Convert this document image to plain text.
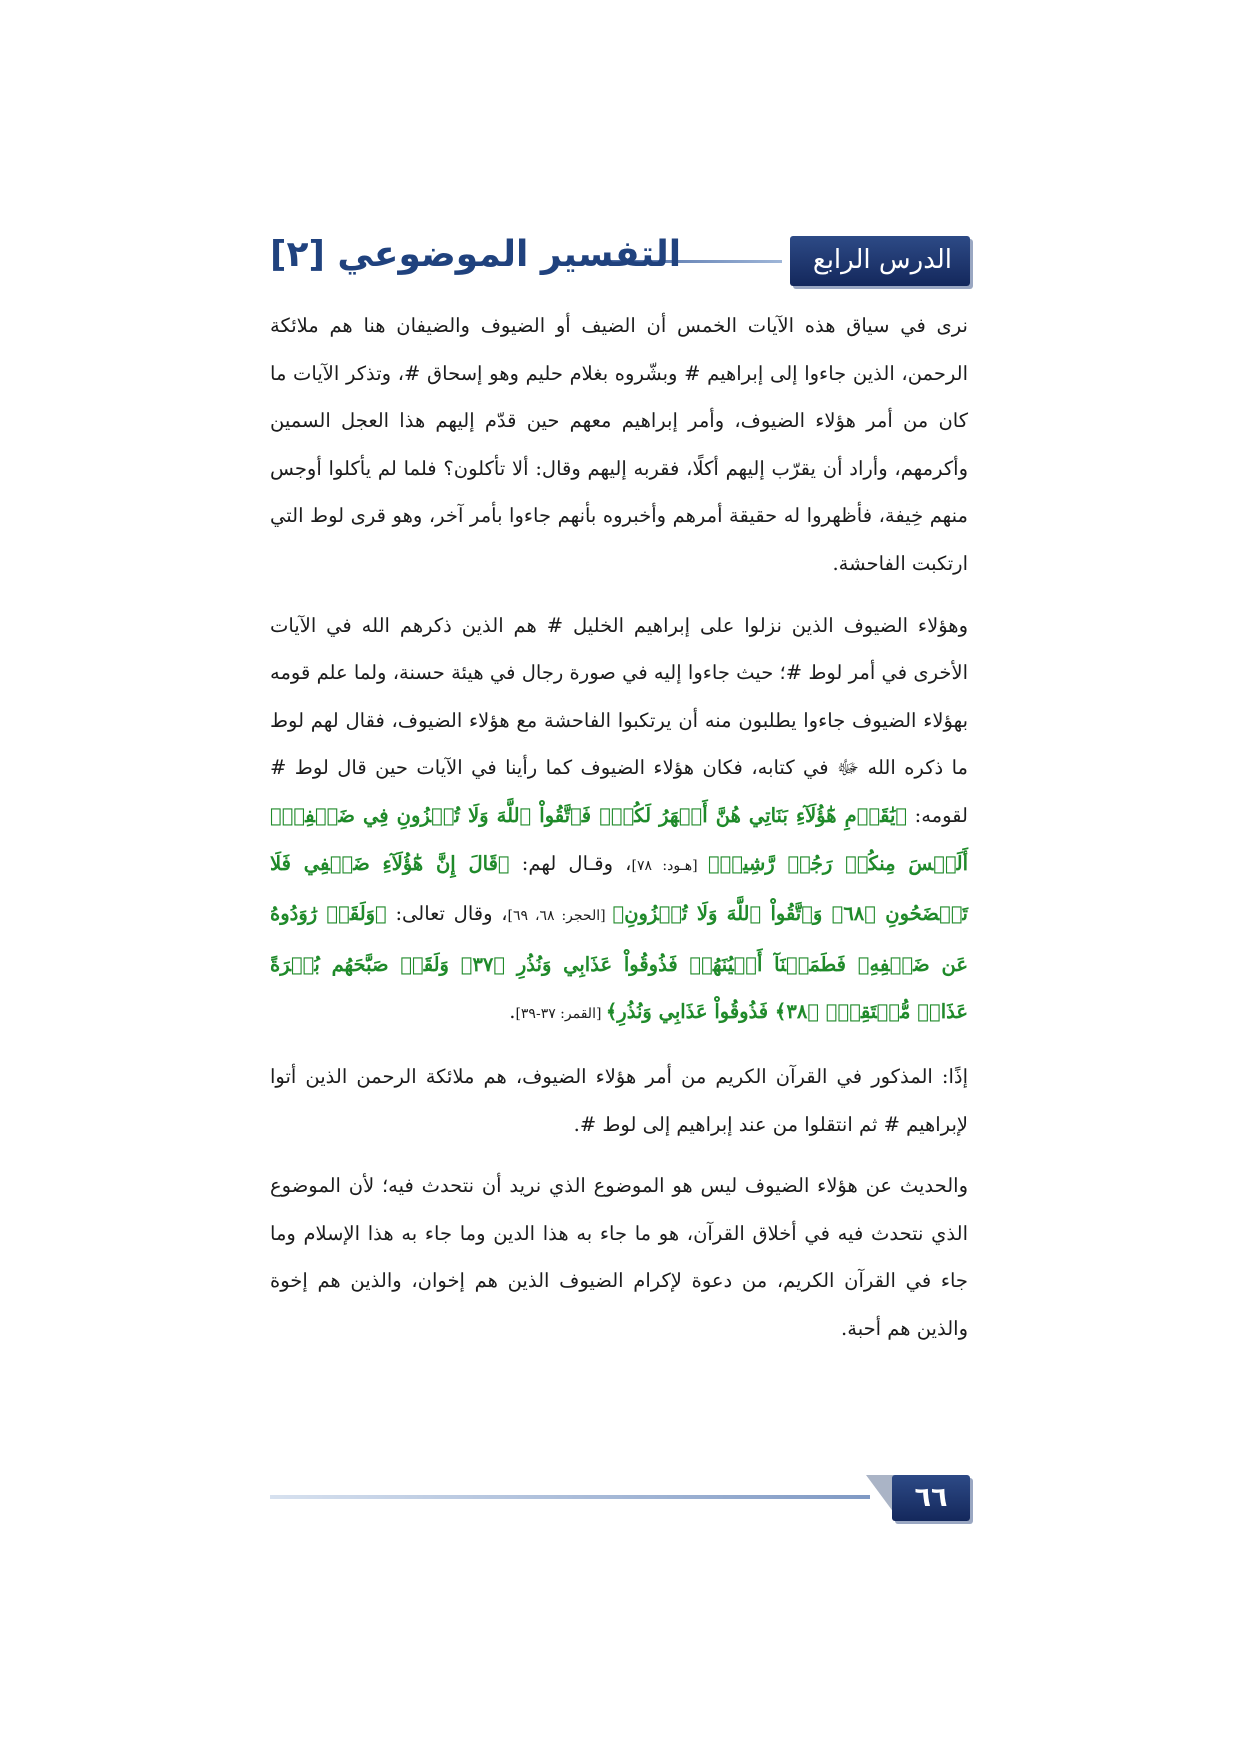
الدرس الرابع
التفسير الموضوعي [٢]

نرى في سياق هذه الآيات الخمس أن الضيف أو الضيوف والضيفان هنا هم ملائكة الرحمن، الذين جاءوا إلى إبراهيم # وبشّروه بغلام حليم وهو إسحاق #، وتذكر الآيات ما كان من أمر هؤلاء الضيوف، وأمر إبراهيم معهم حين قدّم إليهم هذا العجل السمين وأكرمهم، وأراد أن يقرّب إليهم أكلًا، فقربه إليهم وقال: ألا تأكلون؟ فلما لم يأكلوا أوجس منهم خِيفة، فأظهروا له حقيقة أمرهم وأخبروه بأنهم جاءوا بأمر آخر، وهو قرى لوط التي ارتكبت الفاحشة.

وهؤلاء الضيوف الذين نزلوا على إبراهيم الخليل # هم الذين ذكرهم الله في الآيات الأخرى في أمر لوط #؛ حيث جاءوا إليه في صورة رجال في هيئة حسنة، ولما علم قومه بهؤلاء الضيوف جاءوا يطلبون منه أن يرتكبوا الفاحشة مع هؤلاء الضيوف، فقال لهم لوط ما ذكره الله ﷻ في كتابه، فكان هؤلاء الضيوف كما رأينا في الآيات حين قال لوط # لقومه: ﴿يَٰقَوۡمِ هَٰٓؤُلَآءِ بَنَاتِي هُنَّ أَطۡهَرُ لَكُمۡۖ فَٱتَّقُواْ ٱللَّهَ وَلَا تُخۡزُونِ فِي ضَيۡفِيٓۖ أَلَيۡسَ مِنكُمۡ رَجُلٞ رَّشِيدٞ﴾ [هـود: ٧٨]، وقـال لهم: ﴿قَالَ إِنَّ هَٰٓؤُلَآءِ ضَيۡفِي فَلَا تَفۡضَحُونِ ﴿٦٨﴾ وَٱتَّقُواْ ٱللَّهَ وَلَا تُخۡزُونِ﴾ [الحجر: ٦٨، ٦٩]، وقال تعالى: ﴿وَلَقَدۡ رَٰوَدُوهُ عَن ضَيۡفِهِۦ فَطَمَسۡنَآ أَعۡيُنَهُمۡ فَذُوقُواْ عَذَابِي وَنُذُرِ ﴿٣٧﴾ وَلَقَدۡ صَبَّحَهُم بُكۡرَةً عَذَابٞ مُّسۡتَقِرّٞ ﴿٣٨﴾ فَذُوقُواْ عَذَابِي وَنُذُرِ﴾ [القمر: ٣٧-٣٩].

إذًا: المذكور في القرآن الكريم من أمر هؤلاء الضيوف، هم ملائكة الرحمن الذين أتوا لإبراهيم # ثم انتقلوا من عند إبراهيم إلى لوط #.

والحديث عن هؤلاء الضيوف ليس هو الموضوع الذي نريد أن نتحدث فيه؛ لأن الموضوع الذي نتحدث فيه في أخلاق القرآن، هو ما جاء به هذا الدين وما جاء به هذا الإسلام وما جاء في القرآن الكريم، من دعوة لإكرام الضيوف الذين هم إخوان، والذين هم إخوة والذين هم أحبة.

٦٦
